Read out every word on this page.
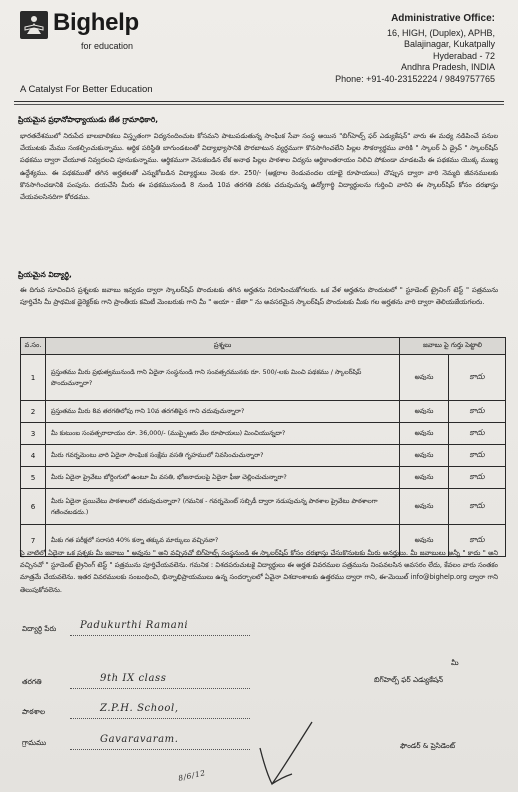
Bighelp
for education
A Catalyst For Better Education
Administrative Office:
16, HIGH, (Duplex), APHB,
Balajinagar, Kukatpally
Hyderabad - 72
Andhra Pradesh, INDIA
Phone: +91-40-23152224 / 9849757765
ప్రియమైన ప్రధానోపాధ్యాయుడు జేత గ్రామాధికారి,
భారతదేశములో నిరుపేద బాలబాలికలు విస్తృతంగా విద్యనందించుట కోసమని పాటుపడుతున్న సాంఘిక సేవా సంస్థ అయిన "బిగ్‌హెల్ప్ ఫర్ ఎడ్యుకేషన్" వారు ఈ మధ్య నడిపించే పనుల చేయుటకు మేము సంకల్పించుకున్నాము. ఆర్థిక పరిస్థితి బాగుండటంతో విద్యాభ్యాసానికి పొరబాటున వ్యర్థముగా కొనసాగించలేని పిల్లల సౌకర్యార్థము వారికి " స్కాలర్ ఏ డ్రైవ్ " స్కాలర్‌షిప్ పథకము ద్వారా చేయూత నివ్వదలచి పూనుకున్నాము. ఆర్థికముగా వెనుకబడిన లేక అనాథ పిల్లల పాఠశాల విద్యను ఆర్థికాంతరాయం నిలిచి పోకుండా చూడటమే ఈ పథకము యొక్క ముఖ్య ఉద్దేశ్యము. ఈ పథకముతో తగిన అర్హతలతో ఎన్నుకోబడిన విద్యార్థులు నెలకు రూ. 250/- (అక్షరాల రెండువందల యాభై రూపాయలు) చొప్పున ద్వారా వారి నెమ్మది జీవనములకు కొనసాగించడానికి పంపును. దయచేసి మీరు ఈ పథకమునుండి 8 నుండి 10వ తరగతి వరకు చదువుచున్న ఉద్యోగార్థి విద్యార్థులను గుర్తించి వారిని ఈ స్కాలర్‌షిప్ కోసం దరఖాస్తు చేయవలసినదిగా కోరడము.
ప్రియమైన విద్యార్థి,
ఈ దిగువ సూచించిన ప్రశ్నలకు జవాబు ఇవ్వడం ద్వారా స్కాలర్‌షిప్ పొందుటకు తగిన అర్హతను నిరూపించుకోగలరు. ఒక వేళ అర్హతను పొందుటలో " స్టూడెంట్ ట్రైనింగ్ టెస్ట్ " పత్రమును పూర్తిచేసి మీ ప్రాథమిక డైరెక్టర్‌కు గాని ప్రాంతీయ కమిటీ మెంబరుకు గాని మీ " అయా - జేతా " ను అవసరమైన స్కాలర్‌షిప్ పొందుటకు మీకు గల అర్హతను వారి ద్వారా తెలియజేయగలరు.
వ.సం.	ప్రశ్నలు	జవాబు పై గుర్తు పెట్టాలి	
1	ప్రస్తుతము మీరు ప్రభుత్వమునుండి గాని ఏదైనా సంస్థనుండి గాని సంవత్సరమునకు రూ. 500/-లకు మించి పథకము / స్కాలర్‌షిప్ పొందుచున్నారా?	అవును	కాదు
2	ప్రస్తుతము మీరు 8వ తరగతిలోపు గాని 10వ తరగతిపైన గాని చదువుచున్నారా?	అవును	కాదు
3	మీ కుటుంబ సంవత్సరాదాయం రూ. 36,000/- (ముప్పైఆరు వేల రూపాయలు) మించియున్నదా?	అవును	కాదు
4	మీరు గవర్నమెంటు వారి ఏదైనా సాంఘిక సంక్షేమ వసతి గృహములో నివసించుచున్నారా?	అవును	కాదు
5	మీరు ఏదైనా ప్రైవేటు బోర్డింగులో ఉంటూ మీ వసతి, భోజనాదులపై ఏదైనా ఫీజు చెల్లించుచున్నారా?	అవును	కాదు
6	మీరు ఏదైనా ప్రయివేటు పాఠశాలలో చదువుచున్నారా? (గమనిక - గవర్నమెంట్ సబ్సిడీ ద్వారా నడుపుచున్న పాఠశాల ప్రైవేటు పాఠశాలగా గణించబడదు.)	అవును	కాదు
7	మీకు గత పరీక్షలో సరాసరి 40% కన్నా తక్కువ మార్కులు వచ్చినవా?	అవును	కాదు
పై వాటిలో ఏదైనా ఒక ప్రశ్నకు మీ జవాబు " అవును " అని వచ్చినచో బిగ్‌హెల్ప్ సంస్థనుండి ఈ స్కాలర్‌షిప్ కోసం దరఖాస్తు చేసుకొనుటకు మీరు అనర్హులు. మీ జవాబులు అన్నీ " కాదు " అని వచ్చినచో " స్టూడెంట్ ట్రైనింగ్ టెస్ట్ " పత్రమును పూర్తిచేయవలెను. గమనిక : విశదపరుచుటకై విద్యార్థులు ఈ అర్హత వివరముల పత్రమును నింపవలసిన అవసరం లేదు, కేవలం వారు సంతకం మాత్రమే చేయవలెను. ఇతర వివరములకు సంబంధించి, భిన్నాభిప్రాయములు ఉన్న సందర్భాలలో ఏవైనా విశదాంశాలకు ఉత్తరము ద్వారా గాని, ఈ-మెయిల్ info@bighelp.org ద్వారా గాని తెలుపుకోవలెను.
విద్యార్థి పేరు Padukurthi Ramani
తరగతి	9th IX class
పాఠశాల	Z.P.H. School,
గ్రామము	Gavaravaram.
మీ
బిగ్‌హెల్ప్ ఫర్ ఎడ్యుకేషన్
ఫౌండర్ & ప్రెసిడెంట్
8/6/12
